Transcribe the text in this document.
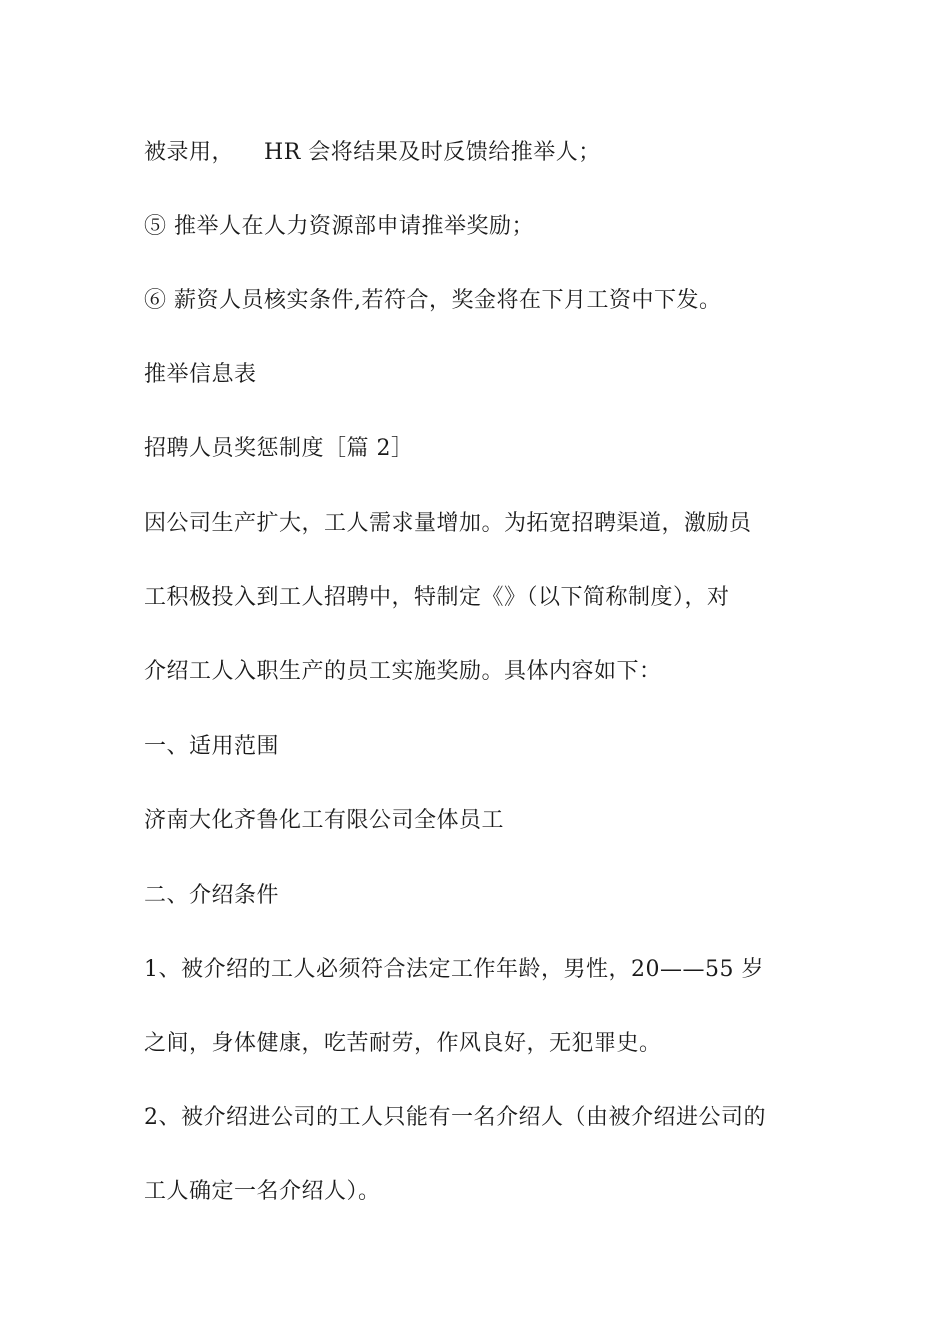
被录用， HR 会将结果及时反馈给推举人；
⑤ 推举人在人力资源部申请推举奖励；
⑥ 薪资人员核实条件,若符合，奖金将在下月工资中下发。
推举信息表
招聘人员奖惩制度［篇 2］
因公司生产扩大，工人需求量增加。为拓宽招聘渠道，激励员
工积极投入到工人招聘中，特制定《》（以下简称制度），对
介绍工人入职生产的员工实施奖励。具体内容如下：
一、适用范围
济南大化齐鲁化工有限公司全体员工
二、介绍条件
1、被介绍的工人必须符合法定工作年龄，男性，20——55 岁
之间，身体健康，吃苦耐劳，作风良好，无犯罪史。
2、被介绍进公司的工人只能有一名介绍人（由被介绍进公司的
工人确定一名介绍人）。
